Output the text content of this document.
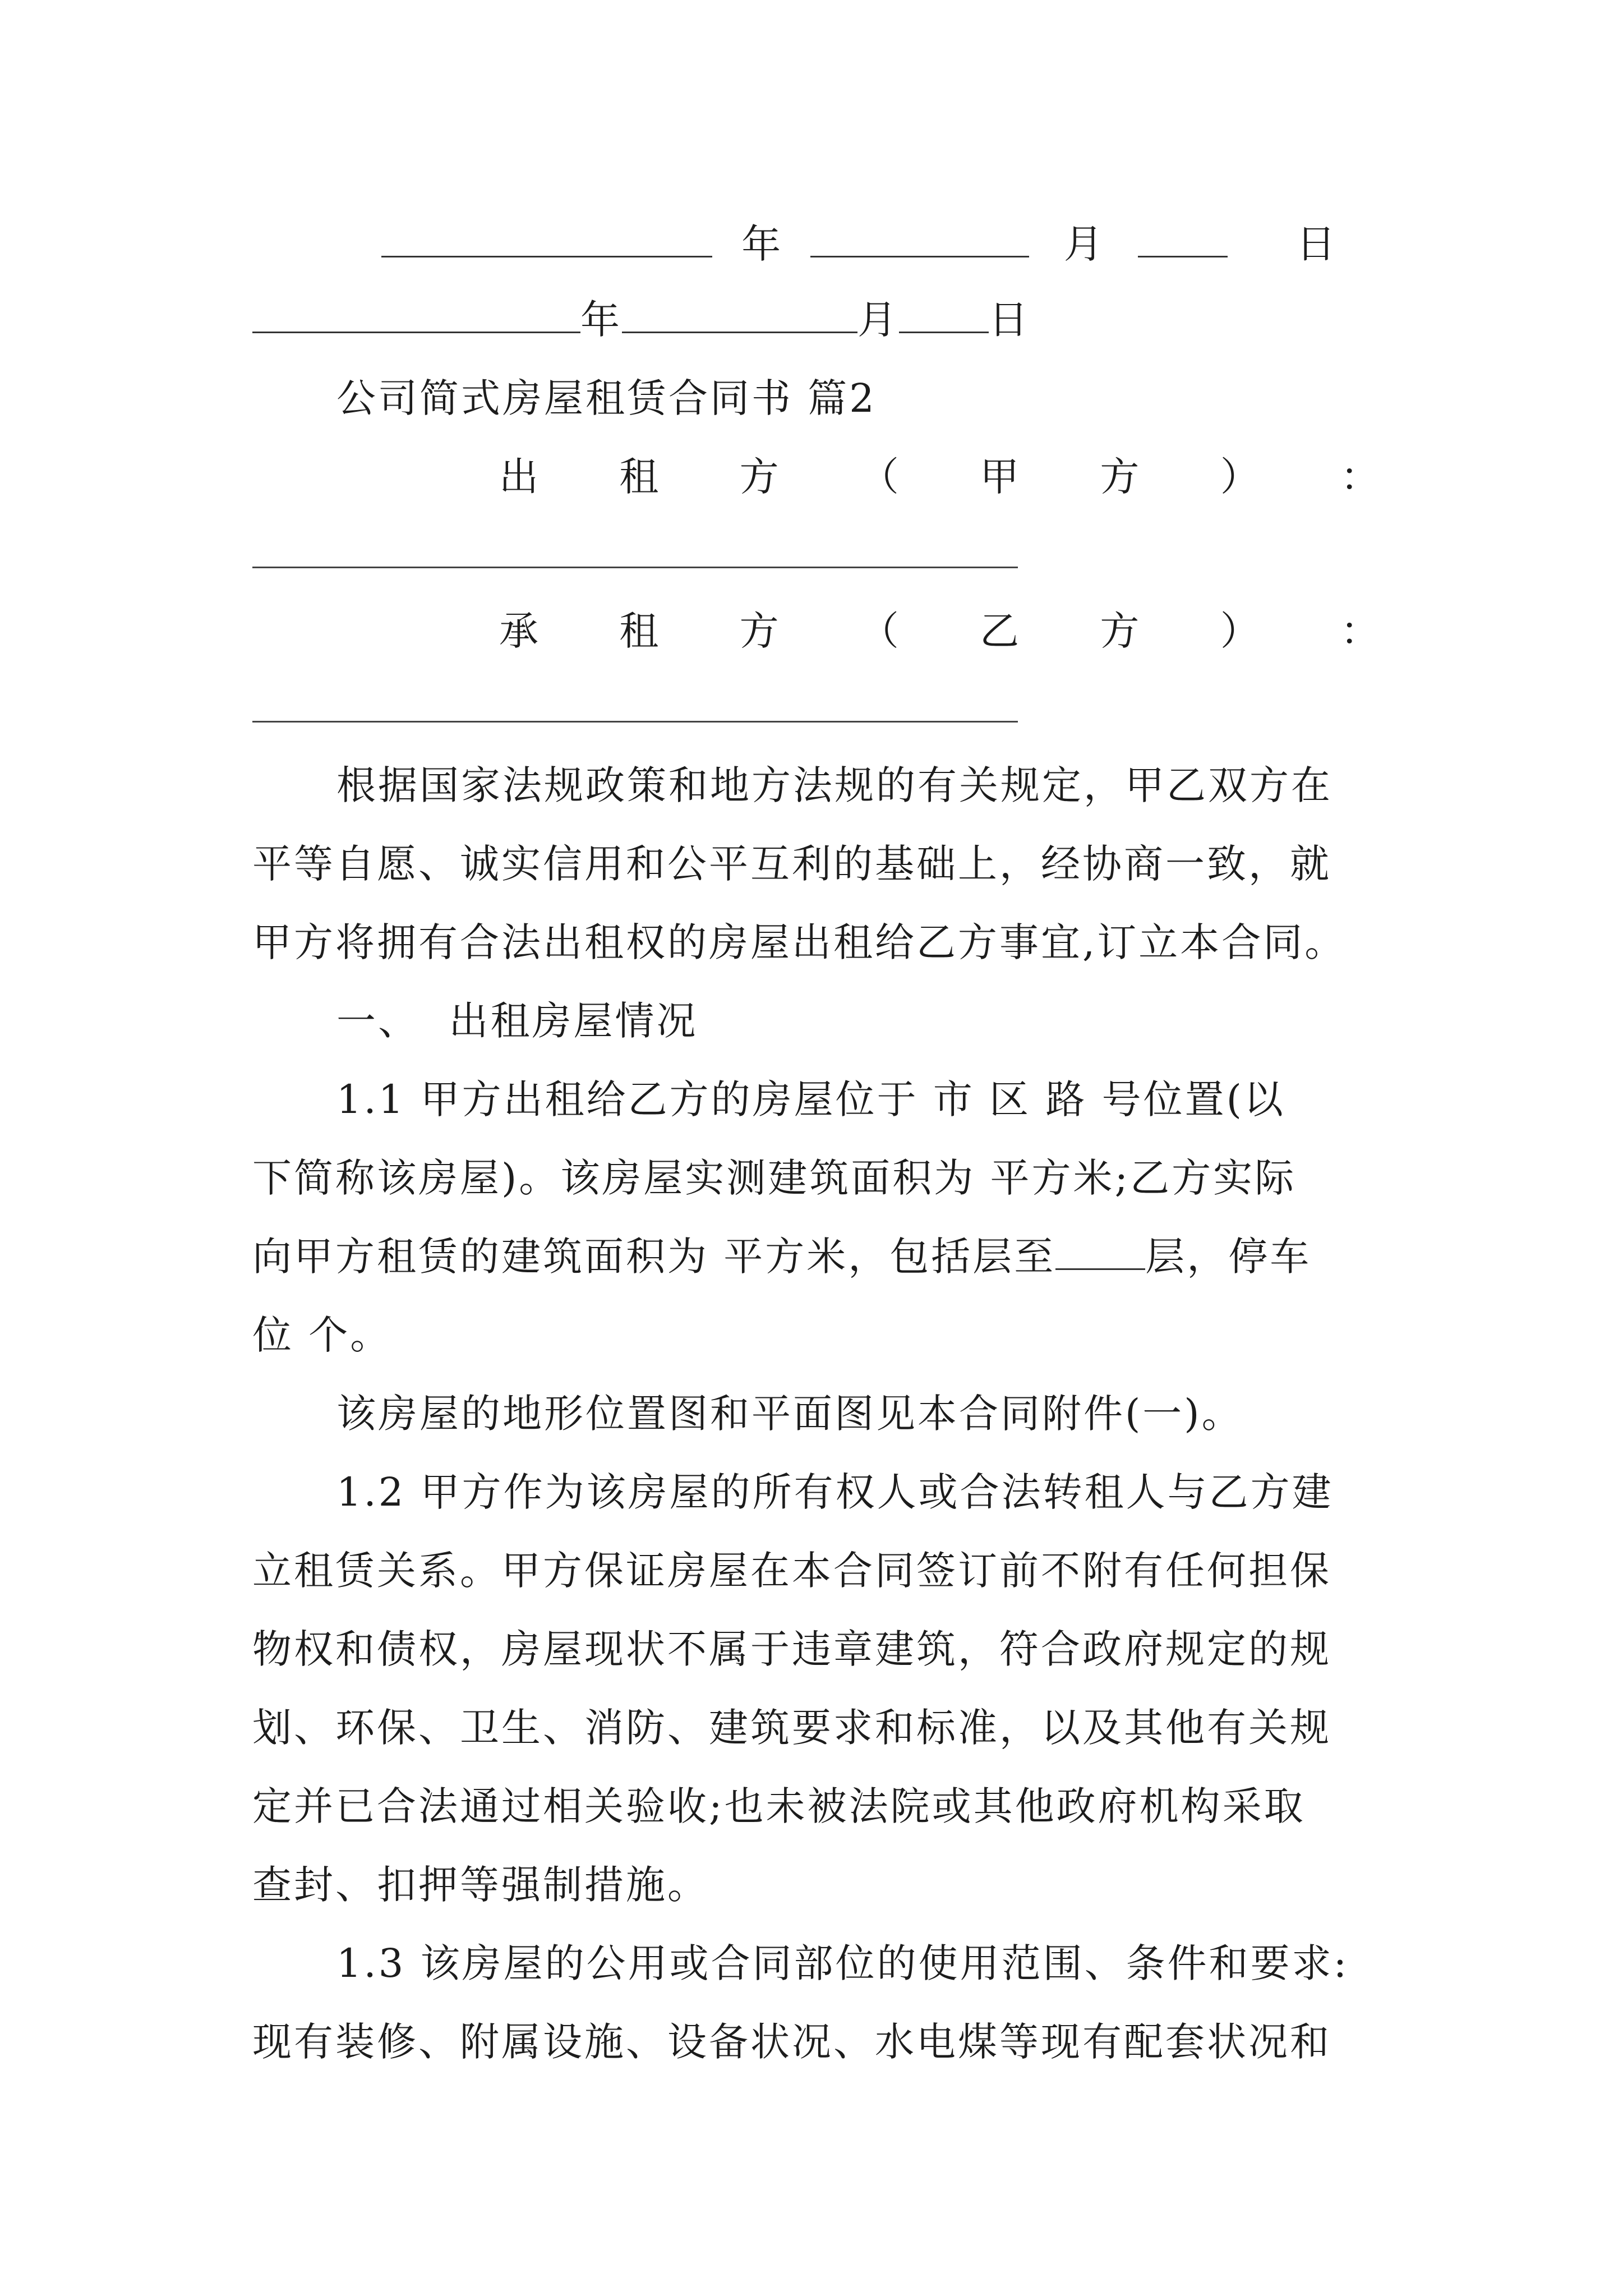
年	月	日
年	月 日
公司简式房屋租赁合同书 篇2
出 租 方 （ 甲 方 ） ：
承 租 方 （ 乙 方 ） ：
根据国家法规政策和地方法规的有关规定，甲乙双方在
平等自愿、诚实信用和公平互利的基础上，经协商一致，就
甲方将拥有合法出租权的房屋出租给乙方事宜,订立本合同。
一、  出租房屋情况
1.1 甲方出租给乙方的房屋位于 市 区 路 号位置(以
下简称该房屋)。该房屋实测建筑面积为 平方米;乙方实际
向甲方租赁的建筑面积为 平方米，包括层至 层，停车
位 个。
该房屋的地形位置图和平面图见本合同附件(一)。
1.2 甲方作为该房屋的所有权人或合法转租人与乙方建
立租赁关系。甲方保证房屋在本合同签订前不附有任何担保
物权和债权，房屋现状不属于违章建筑，符合政府规定的规
划、环保、卫生、消防、建筑要求和标准，以及其他有关规
定并已合法通过相关验收;也未被法院或其他政府机构采取
查封、扣押等强制措施。
1.3 该房屋的公用或合同部位的使用范围、条件和要求:
现有装修、附属设施、设备状况、水电煤等现有配套状况和
